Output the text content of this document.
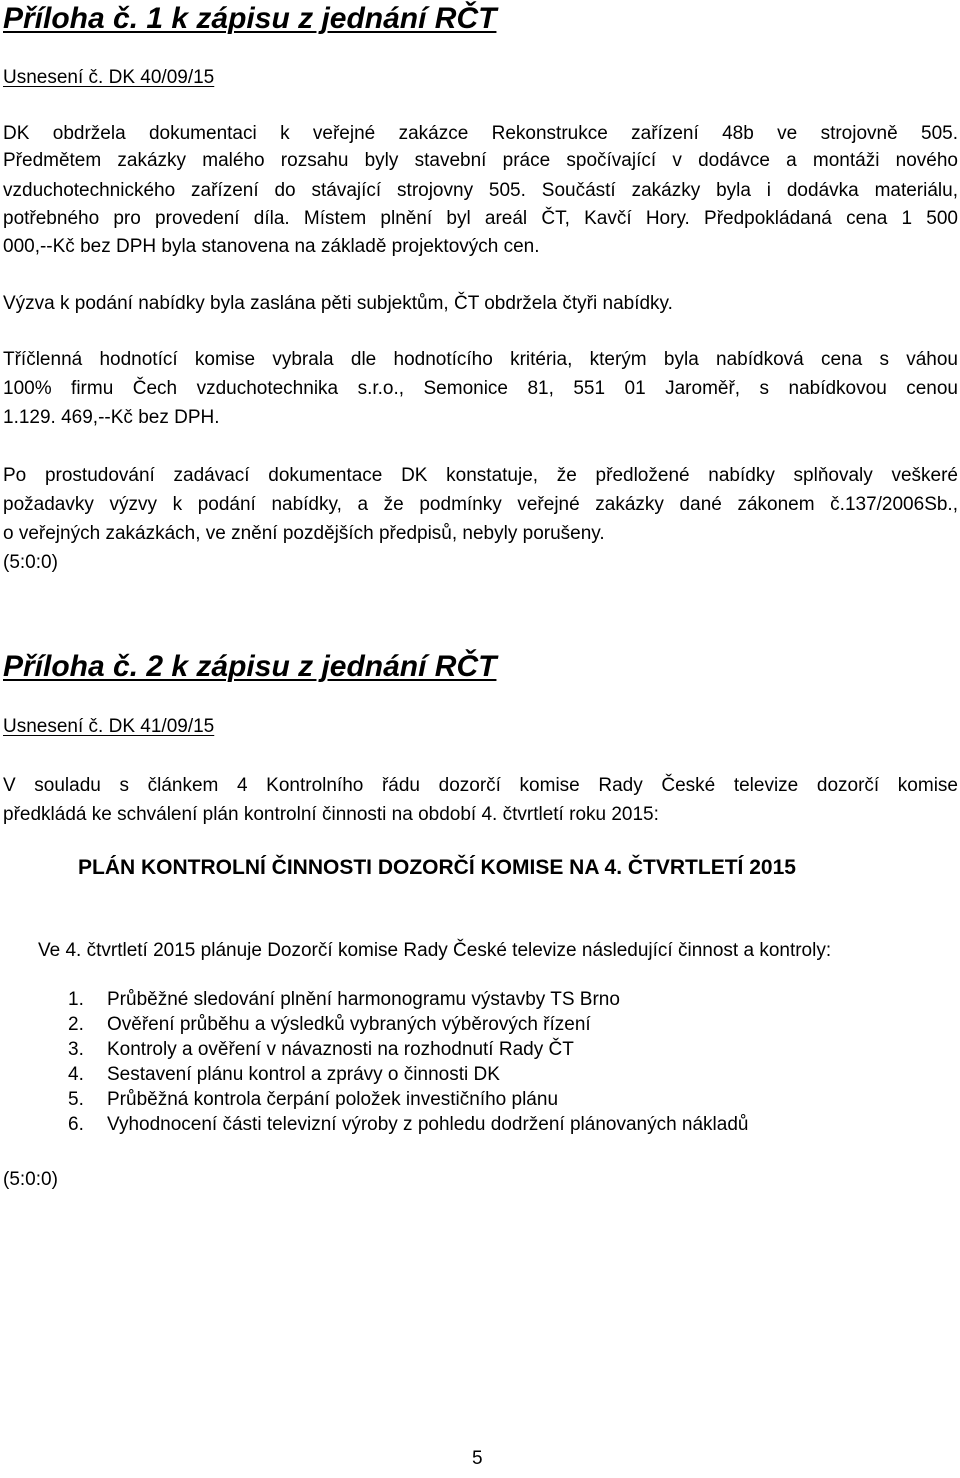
Příloha č. 1 k zápisu z jednání RČT
Usnesení č. DK 40/09/15
DK obdržela dokumentaci k veřejné zakázce Rekonstrukce zařízení 48b ve strojovně 505.
Předmětem zakázky malého rozsahu byly stavební práce spočívající v dodávce a montáži nového
vzduchotechnického zařízení do stávající strojovny 505. Součástí zakázky byla i dodávka materiálu,
potřebného pro provedení díla. Místem plnění byl areál ČT, Kavčí Hory. Předpokládaná cena 1 500
000,--Kč bez DPH byla stanovena na základě projektových cen.
Výzva k podání nabídky byla zaslána pěti subjektům, ČT obdržela čtyři nabídky.
Tříčlenná hodnotící komise vybrala dle hodnotícího kritéria, kterým byla nabídková cena s váhou
100% firmu Čech vzduchotechnika s.r.o., Semonice 81, 551 01 Jaroměř, s nabídkovou cenou
1.129. 469,--Kč bez DPH.
Po prostudování zadávací dokumentace DK konstatuje, že předložené nabídky splňovaly veškeré
požadavky výzvy k podání nabídky, a že podmínky veřejné zakázky dané zákonem č.137/2006Sb.,
o veřejných zakázkách, ve znění pozdějších předpisů, nebyly porušeny.
(5:0:0)
Příloha č. 2 k zápisu z jednání RČT
Usnesení č. DK 41/09/15
V souladu s článkem 4 Kontrolního řádu dozorčí komise Rady České televize dozorčí komise
předkládá ke schválení plán kontrolní činnosti na období 4. čtvrtletí roku 2015:
PLÁN KONTROLNÍ ČINNOSTI DOZORČÍ KOMISE NA 4. ČTVRTLETÍ 2015
Ve 4. čtvrtletí 2015 plánuje Dozorčí komise Rady České televize následující činnost a kontroly:
1. Průběžné sledování plnění harmonogramu výstavby TS Brno
2. Ověření průběhu a výsledků vybraných výběrových řízení
3. Kontroly a ověření v návaznosti na rozhodnutí Rady ČT
4. Sestavení plánu kontrol a zprávy o činnosti DK
5. Průběžná kontrola čerpání položek investičního plánu
6. Vyhodnocení části televizní výroby z pohledu dodržení plánovaných nákladů
(5:0:0)
5
